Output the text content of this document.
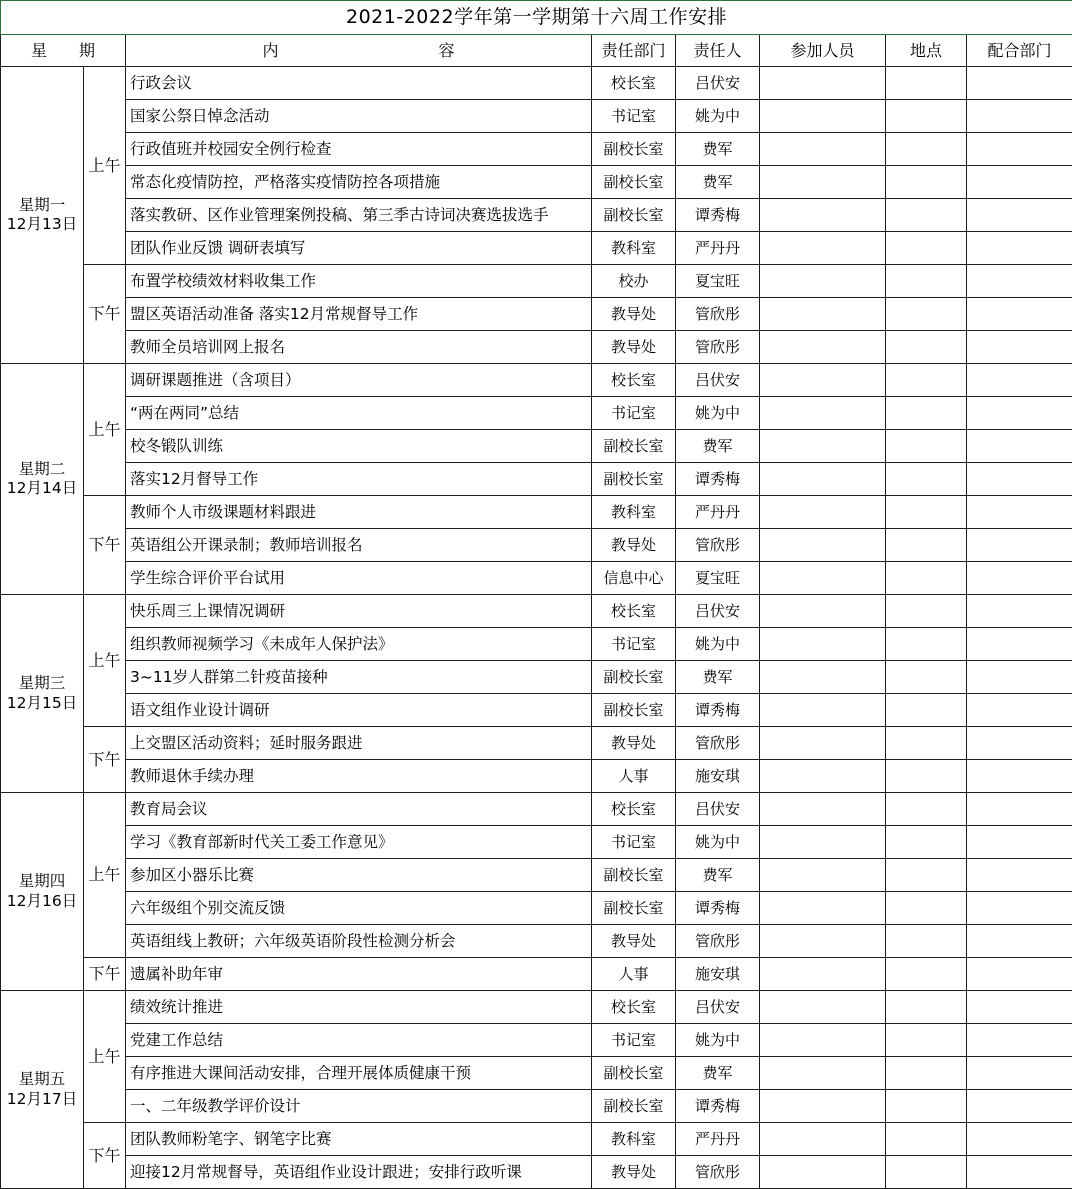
2021-2022学年第一学期第十六周工作安排							
星　　期		内　　　　　　　　　　容	责任部门	责任人	参加人员	地点	配合部门

星期一
12月13日	上午	行政会议	校长室	吕伏安			
		国家公祭日悼念活动	书记室	姚为中			
		行政值班并校园安全例行检查	副校长室	费军			
		常态化疫情防控，严格落实疫情防控各项措施	副校长室	费军			
		落实教研、区作业管理案例投稿、第三季古诗词决赛选拔选手	副校长室	谭秀梅			
		团队作业反馈 调研表填写	教科室	严丹丹			
	下午	布置学校绩效材料收集工作	校办	夏宝旺			
		盟区英语活动准备 落实12月常规督导工作	教导处	管欣彤			
		教师全员培训网上报名	教导处	管欣彤			

星期二
12月14日	上午	调研课题推进（含项目）	校长室	吕伏安			
		“两在两同”总结	书记室	姚为中			
		校冬锻队训练	副校长室	费军			
		落实12月督导工作	副校长室	谭秀梅			
	下午	教师个人市级课题材料跟进	教科室	严丹丹			
		英语组公开课录制；教师培训报名	教导处	管欣彤			
		学生综合评价平台试用	信息中心	夏宝旺			

星期三
12月15日	上午	快乐周三上课情况调研	校长室	吕伏安			
		组织教师视频学习《未成年人保护法》	书记室	姚为中			
		3~11岁人群第二针疫苗接种	副校长室	费军			
		语文组作业设计调研	副校长室	谭秀梅			
	下午	上交盟区活动资料；延时服务跟进	教导处	管欣彤			
		教师退休手续办理	人事	施安琪			

星期四
12月16日	上午	教育局会议	校长室	吕伏安			
		学习《教育部新时代关工委工作意见》	书记室	姚为中			
		参加区小器乐比赛	副校长室	费军			
		六年级组个别交流反馈	副校长室	谭秀梅			
		英语组线上教研；六年级英语阶段性检测分析会	教导处	管欣彤			
	下午	遗属补助年审	人事	施安琪			

星期五
12月17日	上午	绩效统计推进	校长室	吕伏安			
		党建工作总结	书记室	姚为中			
		有序推进大课间活动安排，合理开展体质健康干预	副校长室	费军			
		一、二年级教学评价设计	副校长室	谭秀梅			
	下午	团队教师粉笔字、钢笔字比赛	教科室	严丹丹			
		迎接12月常规督导，英语组作业设计跟进；安排行政听课	教导处	管欣彤			
